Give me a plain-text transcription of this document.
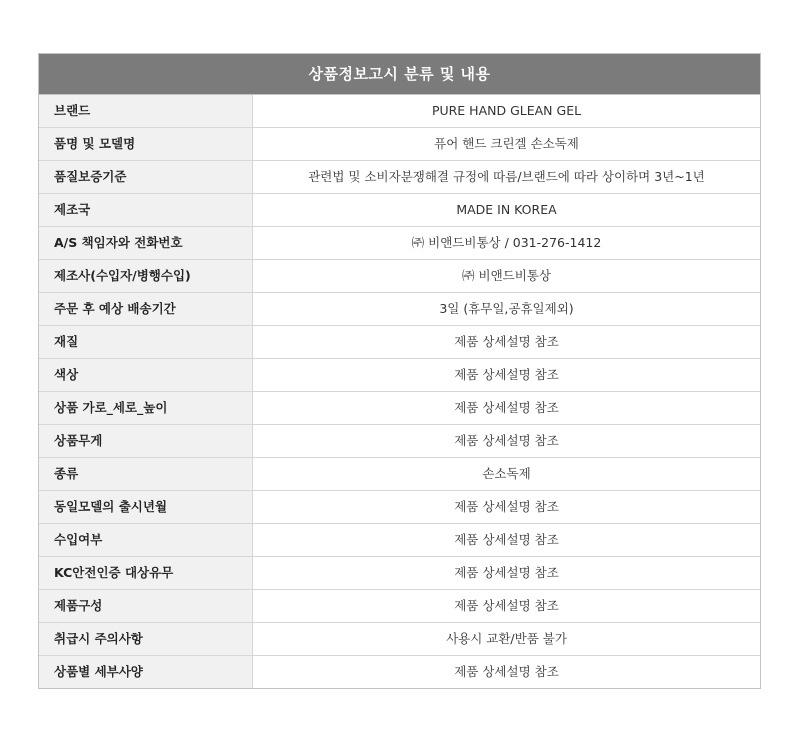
상품정보고시 분류 및 내용
브랜드	PURE HAND GLEAN GEL
품명 및 모델명	퓨어 핸드 크린겔 손소독제
품질보증기준	관련법 및 소비자분쟁해결 규정에 따름/브랜드에 따라 상이하며 3년~1년
제조국	MADE IN KOREA
A/S 책임자와 전화번호	㈜ 비앤드비통상 / 031-276-1412
제조사(수입자/병행수입)	㈜ 비앤드비통상
주문 후 예상 배송기간	3일 (휴무일,공휴일제외)
재질	제품 상세설명 참조
색상	제품 상세설명 참조
상품 가로_세로_높이	제품 상세설명 참조
상품무게	제품 상세설명 참조
종류	손소독제
동일모델의 출시년월	제품 상세설명 참조
수입여부	제품 상세설명 참조
KC안전인증 대상유무	제품 상세설명 참조
제품구성	제품 상세설명 참조
취급시 주의사항	사용시 교환/반품 불가
상품별 세부사양	제품 상세설명 참조
